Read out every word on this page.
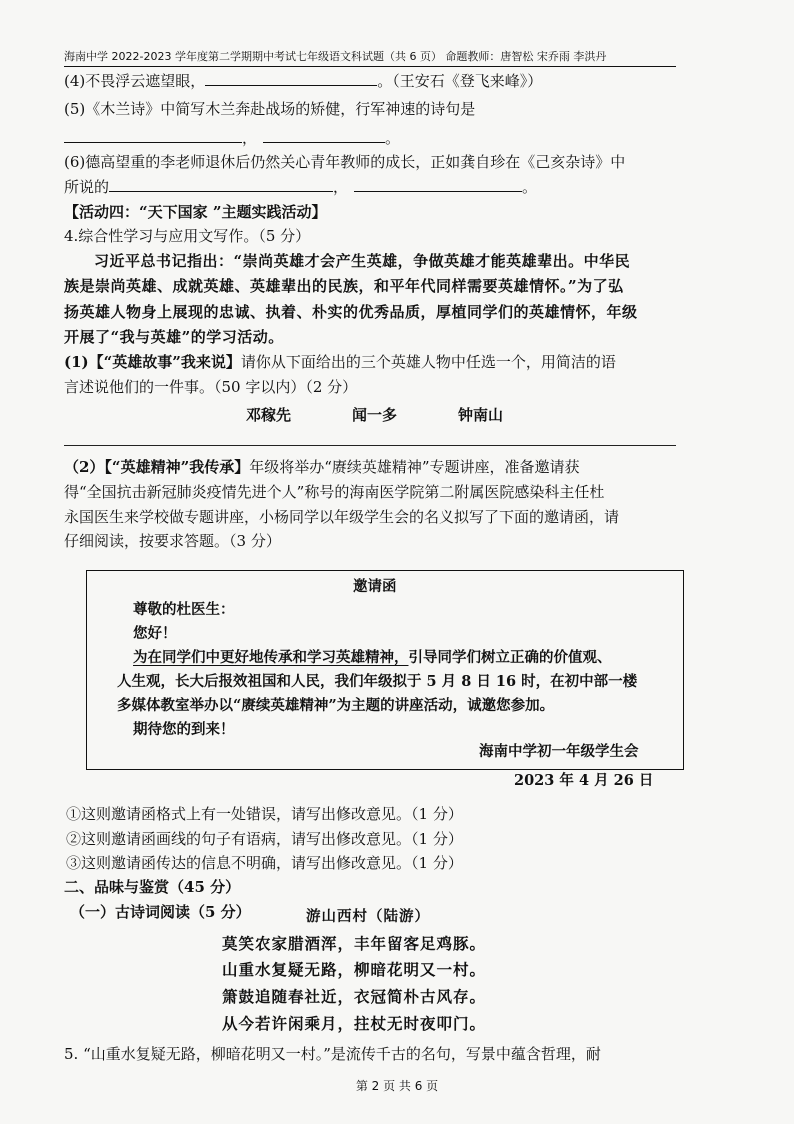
海南中学 2022-2023 学年度第二学期期中考试七年级语文科试题（共 6 页） 命题教师：唐智松 宋乔雨 李洪丹
(4)不畏浮云遮望眼，	。（王安石《登飞来峰》）
(5)《木兰诗》中简写木兰奔赴战场的矫健，行军神速的诗句是
，	。
(6)德高望重的李老师退休后仍然关心青年教师的成长，正如龚自珍在《己亥杂诗》中
所说的	，	。
【活动四：“天下国家 ”主题实践活动】
4.综合性学习与应用文写作。（5 分）
习近平总书记指出：“崇尚英雄才会产生英雄，争做英雄才能英雄辈出。中华民
族是崇尚英雄、成就英雄、英雄辈出的民族，和平年代同样需要英雄情怀。”为了弘
扬英雄人物身上展现的忠诚、执着、朴实的优秀品质，厚植同学们的英雄情怀，年级
开展了“我与英雄”的学习活动。
(1)【“英雄故事”我来说】请你从下面给出的三个英雄人物中任选一个，用简洁的语
言述说他们的一件事。（50 字以内）（2 分）
邓稼先	闻一多	钟南山
（2）【“英雄精神”我传承】年级将举办“赓续英雄精神”专题讲座，准备邀请获
得“全国抗击新冠肺炎疫情先进个人”称号的海南医学院第二附属医院感染科主任杜
永国医生来学校做专题讲座，小杨同学以年级学生会的名义拟写了下面的邀请函，请
仔细阅读，按要求答题。（3 分）
邀请函
尊敬的杜医生：
您好！
为在同学们中更好地传承和学习英雄精神，引导同学们树立正确的价值观、
人生观，长大后报效祖国和人民，我们年级拟于 5 月 8 日 16 时，在初中部一楼
多媒体教室举办以“赓续英雄精神”为主题的讲座活动，诚邀您参加。
期待您的到来！
海南中学初一年级学生会
2023 年 4 月 26 日
①这则邀请函格式上有一处错误，请写出修改意见。（1 分）
②这则邀请函画线的句子有语病，请写出修改意见。（1 分）
③这则邀请函传达的信息不明确，请写出修改意见。（1 分）
二、品味与鉴赏（45 分）
（一）古诗词阅读（5 分）	游山西村（陆游）
莫笑农家腊酒浑，丰年留客足鸡豚。
山重水复疑无路，柳暗花明又一村。
箫鼓追随春社近，衣冠简朴古风存。
从今若许闲乘月，拄杖无时夜叩门。
5. “山重水复疑无路，柳暗花明又一村。”是流传千古的名句，写景中蕴含哲理，耐
第 2 页 共 6 页
